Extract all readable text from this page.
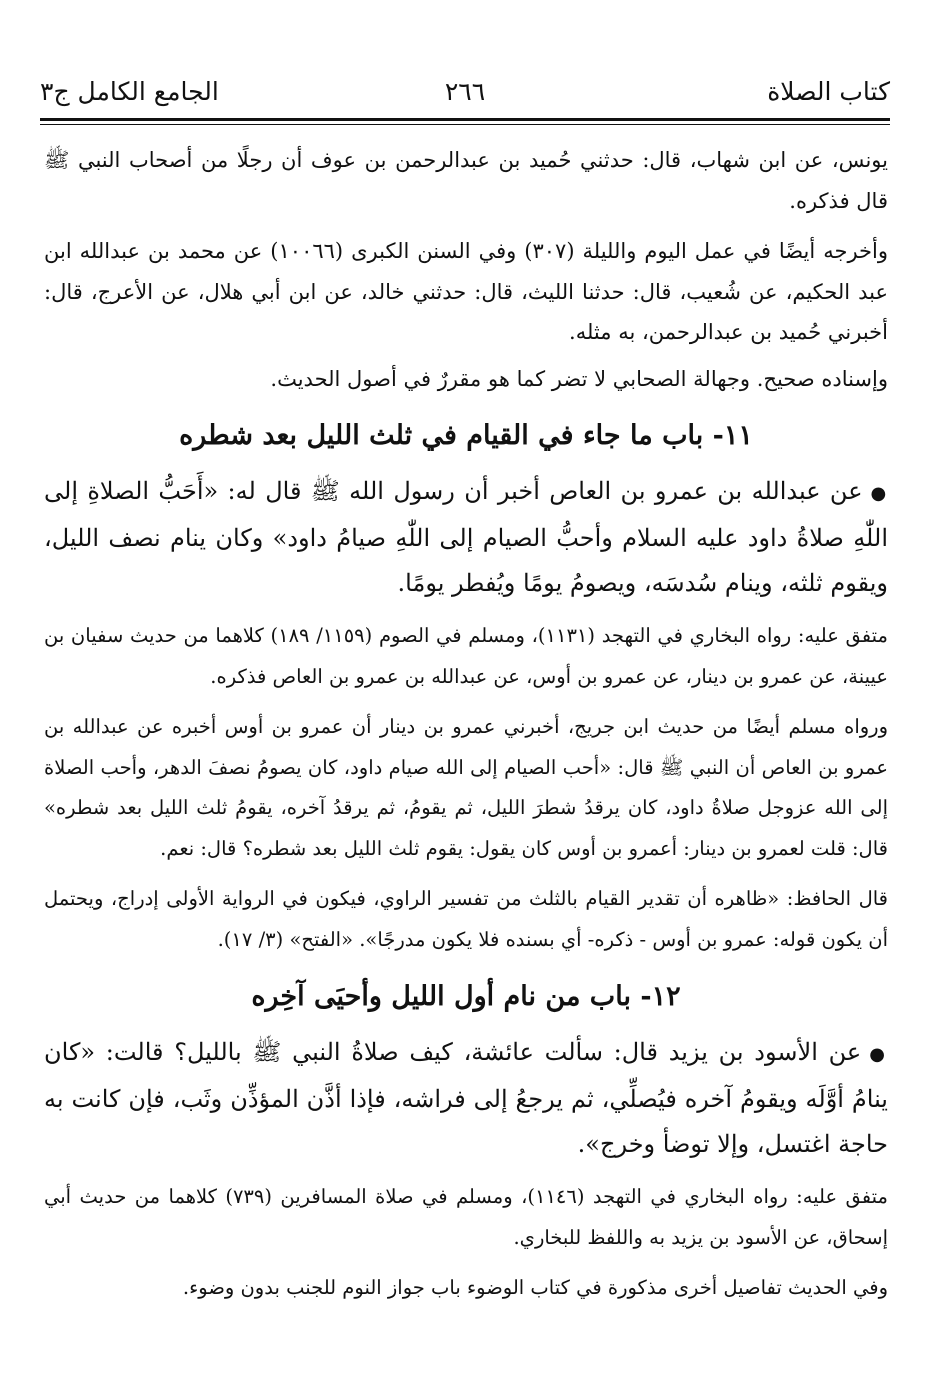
كتاب الصلاة
٢٦٦
الجامع الكامل ج٣

يونس، عن ابن شهاب، قال: حدثني حُميد بن عبدالرحمن بن عوف أن رجلًا من أصحاب النبي ﷺ قال فذكره.

وأخرجه أيضًا في عمل اليوم والليلة (٣٠٧) وفي السنن الكبرى (١٠٠٦٦) عن محمد بن عبدالله ابن عبد الحكيم، عن شُعيب، قال: حدثنا الليث، قال: حدثني خالد، عن ابن أبي هلال، عن الأعرج، قال: أخبرني حُميد بن عبدالرحمن، به مثله.

وإسناده صحيح. وجهالة الصحابي لا تضر كما هو مقررٌ في أصول الحديث.

١١- باب ما جاء في القيام في ثلث الليل بعد شطره

●عن عبدالله بن عمرو بن العاص أخبر أن رسول الله ﷺ قال له: «أَحَبُّ الصلاةِ إلى اللّٰهِ صلاةُ داود عليه السلام وأحبُّ الصيام إلى اللّٰهِ صيامُ داود» وكان ينام نصف الليل، ويقوم ثلثه، وينام سُدسَه، ويصومُ يومًا ويُفطر يومًا.

متفق عليه: رواه البخاري في التهجد (١١٣١)، ومسلم في الصوم (١١٥٩/ ١٨٩) كلاهما من حديث سفيان بن عيينة، عن عمرو بن دينار، عن عمرو بن أوس، عن عبدالله بن عمرو بن العاص فذكره.

ورواه مسلم أيضًا من حديث ابن جريج، أخبرني عمرو بن دينار أن عمرو بن أوس أخبره عن عبدالله بن عمرو بن العاص أن النبي ﷺ قال: «أحب الصيام إلى الله صيام داود، كان يصومُ نصفَ الدهر، وأحب الصلاة إلى الله عزوجل صلاةُ داود، كان يرقدُ شطرَ الليل، ثم يقومُ، ثم يرقدُ آخره، يقومُ ثلث الليل بعد شطره» قال: قلت لعمرو بن دينار: أعمرو بن أوس كان يقول: يقوم ثلث الليل بعد شطره؟ قال: نعم.

قال الحافظ: «ظاهره أن تقدير القيام بالثلث من تفسير الراوي، فيكون في الرواية الأولى إدراج، ويحتمل أن يكون قوله: عمرو بن أوس - ذكره- أي بسنده فلا يكون مدرجًا». «الفتح» (٣/ ١٧).

١٢- باب من نام أول الليل وأحيَى آخِره

●عن الأسود بن يزيد قال: سألت عائشة، كيف صلاةُ النبي ﷺ بالليل؟ قالت: «كان ينامُ أوَّلَه ويقومُ آخره فيُصلِّي، ثم يرجعُ إلى فراشه، فإذا أذَّن المؤذِّن وثَب، فإن كانت به حاجة اغتسل، وإلا توضأ وخرج».

متفق عليه: رواه البخاري في التهجد (١١٤٦)، ومسلم في صلاة المسافرين (٧٣٩) كلاهما من حديث أبي إسحاق، عن الأسود بن يزيد به واللفظ للبخاري.

وفي الحديث تفاصيل أخرى مذكورة في كتاب الوضوء باب جواز النوم للجنب بدون وضوء.
